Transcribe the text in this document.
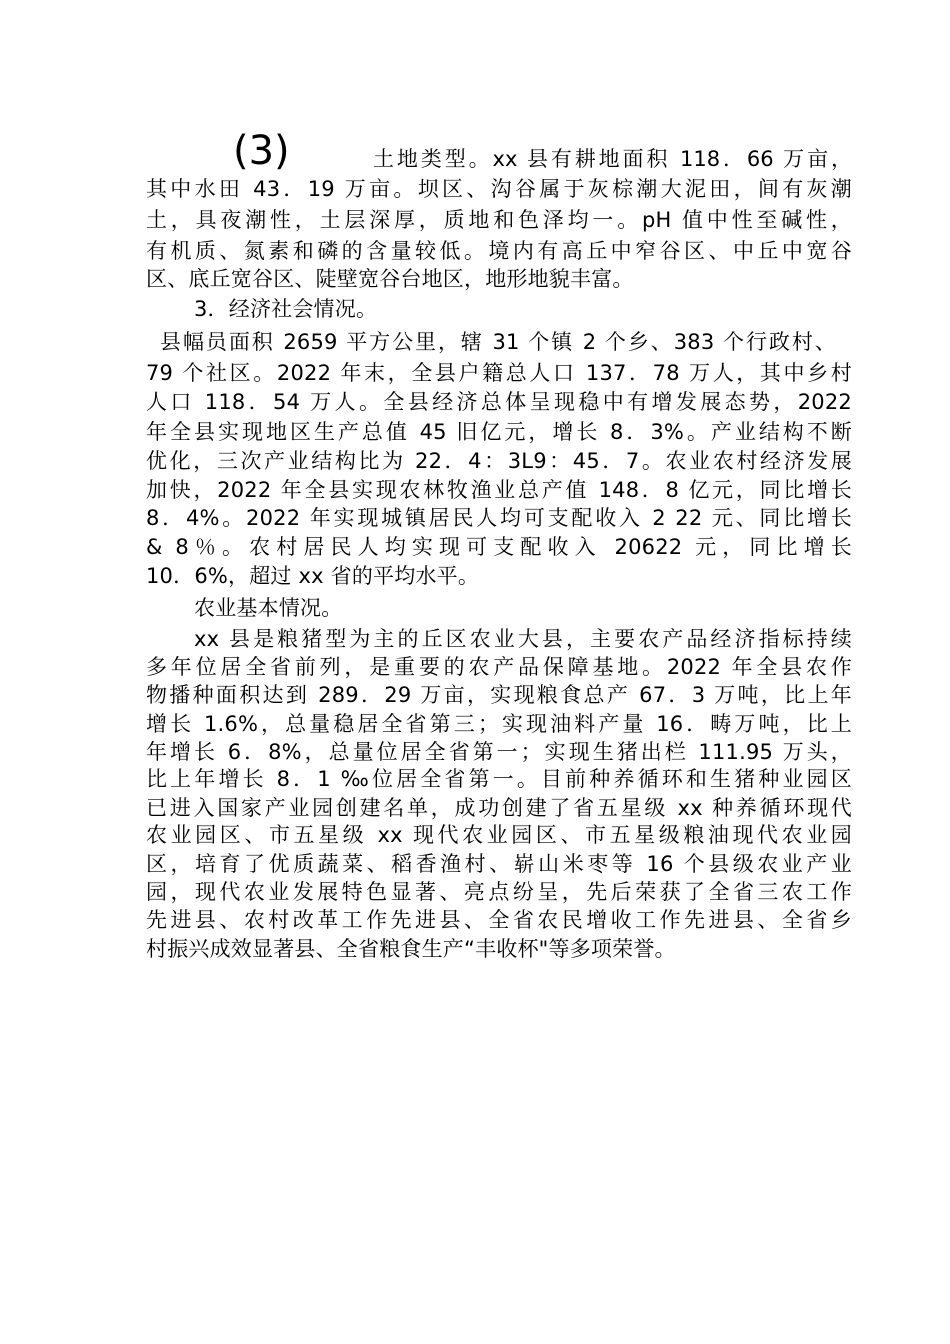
(3)	土地类型。xx 县有耕地面积 118．66 万亩，
其中水田 43．19 万亩。坝区、沟谷属于灰棕潮大泥田，间有灰潮
土，具夜潮性，土层深厚，质地和色泽均一。pH 值中性至碱性，
有机质、氮素和磷的含量较低。境内有高丘中窄谷区、中丘中宽谷
区、底丘宽谷区、陡壁宽谷台地区，地形地貌丰富。
3．经济社会情况。
县幅员面积 2659 平方公里，辖 31 个镇 2 个乡、383 个行政村、
79 个社区。2022 年末，全县户籍总人口 137．78 万人，其中乡村
人口 118．54 万人。全县经济总体呈现稳中有增发展态势，2022
年全县实现地区生产总值 45 旧亿元，增长 8．3%。产业结构不断
优化，三次产业结构比为 22．4：3L9：45．7。农业农村经济发展
加快，2022 年全县实现农林牧渔业总产值 148．8 亿元，同比增长
8．4%。2022 年实现城镇居民人均可支配收入 2 22 元、同比增长
& 8％。农村居民人均实现可支配收入 20622 元，同比增长
10．6%，超过 xx 省的平均水平。
农业基本情况。
xx 县是粮猪型为主的丘区农业大县，主要农产品经济指标持续
多年位居全省前列，是重要的农产品保障基地。2022 年全县农作
物播种面积达到 289．29 万亩，实现粮食总产 67．3 万吨，比上年
增长 1.6%，总量稳居全省第三；实现油料产量 16．畴万吨，比上
年增长 6．8%，总量位居全省第一；实现生猪出栏 111.95 万头，
比上年增长 8．1 ‰位居全省第一。目前种养循环和生猪种业园区
已进入国家产业园创建名单，成功创建了省五星级 xx 种养循环现代
农业园区、市五星级 xx 现代农业园区、市五星级粮油现代农业园
区，培育了优质蔬菜、稻香渔村、崭山米枣等 16 个县级农业产业
园，现代农业发展特色显著、亮点纷呈，先后荣获了全省三农工作
先进县、农村改革工作先进县、全省农民增收工作先进县、全省乡
村振兴成效显著县、全省粮食生产“丰收杯"等多项荣誉。
